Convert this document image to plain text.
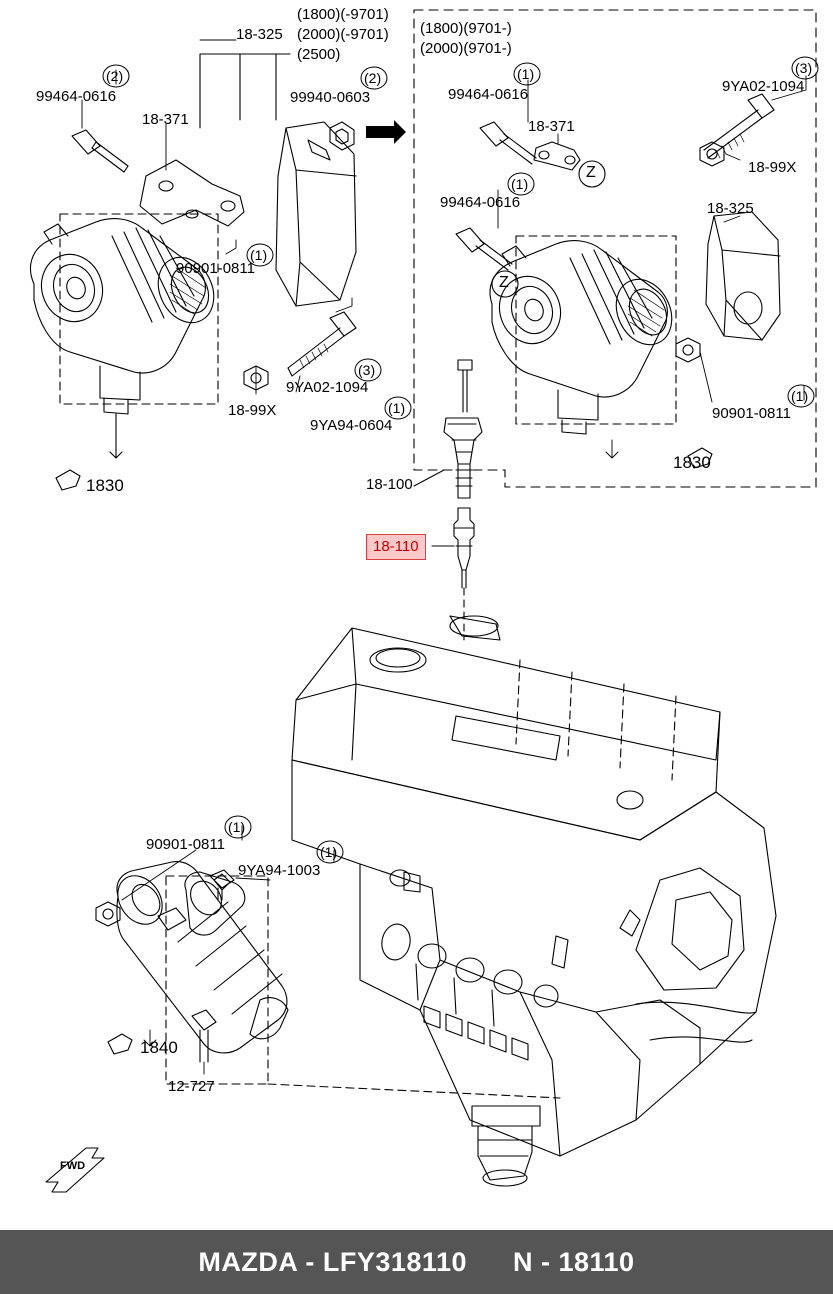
(1800)(-9701)
(2000)(-9701)
(2500)
18-325	(1800)(9701-)
(2000)(9701-)
(2)
99464-0616
18-371
(2)
99940-0603
(1)
99464-0616
18-371
(3)
9YA02-1094
18-99X
(1)
99464-0616	18-325
(1)
90901-0811
(3)
9YA02-1094
18-99X	(1)
9YA94-0604
(1)
90901-0811
18-100
1830
1830
(1)
90901-0811	(1)
9YA94-1003
1840
12-727
Z
Z
FWD
18-110
MAZDA - LFY318110 N - 18110
